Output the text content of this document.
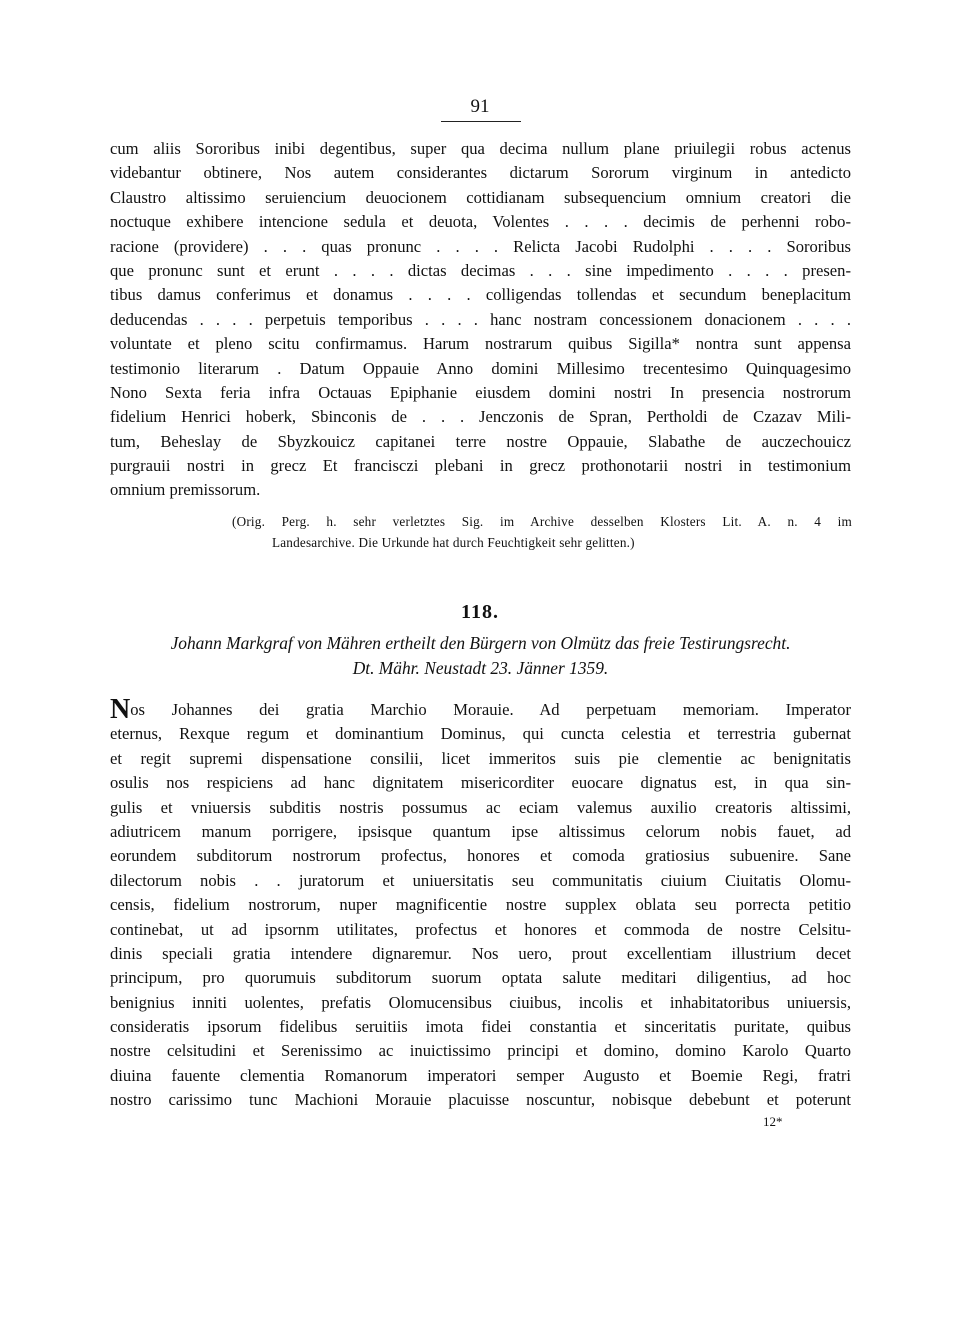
91
cum aliis Sororibus inibi degentibus, super qua decima nullum plane priuilegii robus actenus
videbantur obtinere, Nos autem considerantes dictarum Sororum virginum in antedicto
Claustro altissimo seruiencium deuocionem cottidianam subsequencium omnium creatori die
noctuque exhibere intencione sedula et deuota, Volentes . . . . decimis de perhenni robo-
racione (providere) . . . quas pronunc . . . . Relicta Jacobi Rudolphi . . . . Sororibus
que pronunc sunt et erunt . . . . dictas decimas . . . sine impedimento . . . . presen-
tibus damus conferimus et donamus . . . . colligendas tollendas et secundum beneplacitum
deducendas . . . . perpetuis temporibus . . . . hanc nostram concessionem donacionem . . . .
voluntate et pleno scitu confirmamus. Harum nostrarum quibus Sigilla* nontra sunt appensa
testimonio literarum . Datum Oppauie Anno domini Millesimo trecentesimo Quinquagesimo
Nono Sexta feria infra Octauas Epiphanie eiusdem domini nostri In presencia nostrorum
fidelium Henrici hoberk, Sbinconis de . . . Jenczonis de Spran, Pertholdi de Czazav Mili-
tum, Beheslay de Sbyzkouicz capitanei terre nostre Oppauie, Slabathe de auczechouicz
purgrauii nostri in grecz Et francisczi plebani in grecz prothonotarii nostri in testimonium
omnium premissorum.
(Orig. Perg. h. sehr verletztes Sig. im Archive desselben Klosters Lit. A. n. 4 im
Landesarchive. Die Urkunde hat durch Feuchtigkeit sehr gelitten.)
118.
Johann Markgraf von Mähren ertheilt den Bürgern von Olmütz das freie Testirungsrecht.
Dt. Mähr. Neustadt 23. Jänner 1359.
Nos Johannes dei gratia Marchio Morauie. Ad perpetuam memoriam. Imperator
eternus, Rexque regum et dominantium Dominus, qui cuncta celestia et terrestria gubernat
et regit supremi dispensatione consilii, licet immeritos suis pie clementie ac benignitatis
osulis nos respiciens ad hanc dignitatem misericorditer euocare dignatus est, in qua sin-
gulis et vniuersis subditis nostris possumus ac eciam valemus auxilio creatoris altissimi,
adiutricem manum porrigere, ipsisque quantum ipse altissimus celorum nobis fauet, ad
eorundem subditorum nostrorum profectus, honores et comoda gratiosius subuenire. Sane
dilectorum nobis . . juratorum et uniuersitatis seu communitatis ciuium Ciuitatis Olomu-
censis, fidelium nostrorum, nuper magnificentie nostre supplex oblata seu porrecta petitio
continebat, ut ad ipsornm utilitates, profectus et honores et commoda de nostre Celsitu-
dinis speciali gratia intendere dignaremur. Nos uero, prout excellentiam illustrium decet
principum, pro quorumuis subditorum suorum optata salute meditari diligentius, ad hoc
benignius inniti uolentes, prefatis Olomucensibus ciuibus, incolis et inhabitatoribus uniuersis,
consideratis ipsorum fidelibus seruitiis imota fidei constantia et sinceritatis puritate, quibus
nostre celsitudini et Serenissimo ac inuictissimo principi et domino, domino Karolo Quarto
diuina fauente clementia Romanorum imperatori semper Augusto et Boemie Regi, fratri
nostro carissimo tunc Machioni Morauie placuisse noscuntur, nobisque debebunt et poterunt
12*
